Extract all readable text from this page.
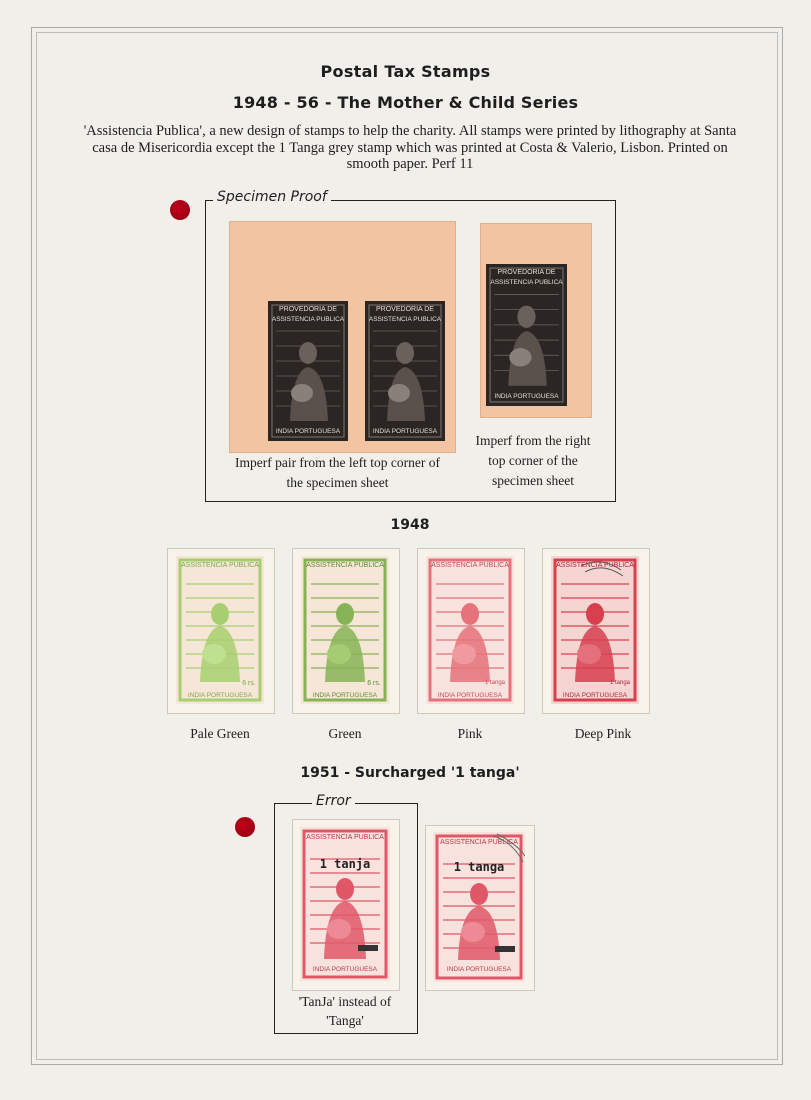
Postal Tax Stamps
1948 - 56 - The Mother & Child Series
'Assistencia Publica', a new design of stamps to help the charity. All stamps were printed by lithography at Santa casa de Misericordia except the 1 Tanga grey stamp which was printed at Costa & Valerio, Lisbon. Printed on smooth paper. Perf 11
Specimen Proof
PROVEDORIA DE
ASSISTENCIA PUBLICA
INDIA PORTUGUESA
PROVEDORIA DE
ASSISTENCIA PUBLICA
INDIA PORTUGUESA
PROVEDORIA DE
ASSISTENCIA PUBLICA
INDIA PORTUGUESA
Imperf pair from the left top corner of the specimen sheet
Imperf from the right top corner of the specimen sheet
1948
ASSISTENCIA PUBLICA
6 rs.
INDIA PORTUGUESA
ASSISTENCIA PUBLICA
6 rs.
INDIA PORTUGUESA
ASSISTENCIA PUBLICA
1 tanga
INDIA PORTUGUESA
ASSISTENCIA PUBLICA
1 tanga
INDIA PORTUGUESA
Pale Green	Green	Pink	Deep Pink
1951 - Surcharged '1 tanga'
Error
ASSISTENCIA PUBLICA
1 tanja
INDIA PORTUGUESA
ASSISTENCIA PUBLICA
1 tanga
INDIA PORTUGUESA
'TanJa' instead of 'Tanga'
